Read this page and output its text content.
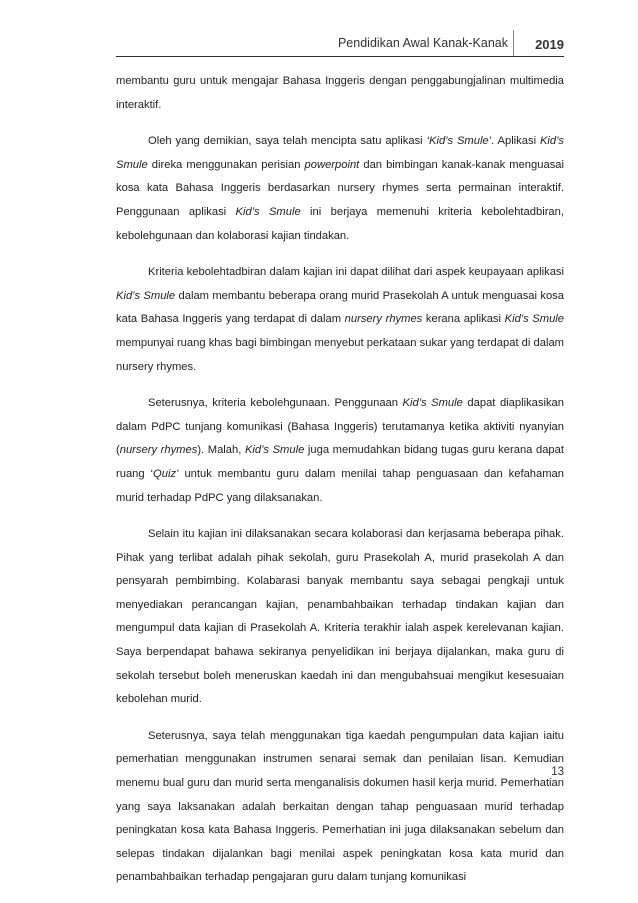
Pendidikan Awal Kanak-Kanak 2019

membantu guru untuk mengajar Bahasa Inggeris dengan penggabungjalinan multimedia interaktif.

Oleh yang demikian, saya telah mencipta satu aplikasi ‘Kid’s Smule’. Aplikasi Kid’s Smule direka menggunakan perisian powerpoint dan bimbingan kanak-kanak menguasai kosa kata Bahasa Inggeris berdasarkan nursery rhymes serta permainan interaktif. Penggunaan aplikasi Kid’s Smule ini berjaya memenuhi kriteria kebolehtadbiran, kebolehgunaan dan kolaborasi kajian tindakan.

Kriteria kebolehtadbiran dalam kajian ini dapat dilihat dari aspek keupayaan aplikasi Kid’s Smule dalam membantu beberapa orang murid Prasekolah A untuk menguasai kosa kata Bahasa Inggeris yang terdapat di dalam nursery rhymes kerana aplikasi Kid’s Smule mempunyai ruang khas bagi bimbingan menyebut perkataan sukar yang terdapat di dalam nursery rhymes.

Seterusnya, kriteria kebolehgunaan. Penggunaan Kid’s Smule dapat diaplikasikan dalam PdPC tunjang komunikasi (Bahasa Inggeris) terutamanya ketika aktiviti nyanyian (nursery rhymes). Malah, Kid’s Smule juga memudahkan bidang tugas guru kerana dapat ruang ‘Quiz’ untuk membantu guru dalam menilai tahap penguasaan dan kefahaman murid terhadap PdPC yang dilaksanakan.

Selain itu kajian ini dilaksanakan secara kolaborasi dan kerjasama beberapa pihak. Pihak yang terlibat adalah pihak sekolah, guru Prasekolah A, murid prasekolah A dan pensyarah pembimbing. Kolabarasi banyak membantu saya sebagai pengkaji untuk menyediakan perancangan kajian, penambahbaikan terhadap tindakan kajian dan mengumpul data kajian di Prasekolah A. Kriteria terakhir ialah aspek kerelevanan kajian. Saya berpendapat bahawa sekiranya penyelidikan ini berjaya dijalankan, maka guru di sekolah tersebut boleh meneruskan kaedah ini dan mengubahsuai mengikut kesesuaian kebolehan murid.

Seterusnya, saya telah menggunakan tiga kaedah pengumpulan data kajian iaitu pemerhatian menggunakan instrumen senarai semak dan penilaian lisan. Kemudian menemu bual guru dan murid serta menganalisis dokumen hasil kerja murid. Pemerhatian yang saya laksanakan adalah berkaitan dengan tahap penguasaan murid terhadap peningkatan kosa kata Bahasa Inggeris. Pemerhatian ini juga dilaksanakan sebelum dan selepas tindakan dijalankan bagi menilai aspek peningkatan kosa kata murid dan penambahbaikan terhadap pengajaran guru dalam tunjang komunikasi

13
